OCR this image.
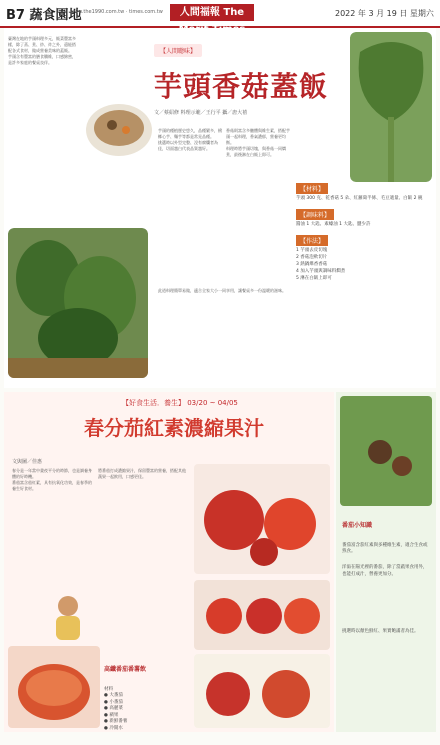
B7 蔬食園地
www.the1990.com.tw · times.com.tw	人間福報 The	2022 年 3 月 19 日 星期六
臺灣在地的芋頭料理多元，飯菜豐富多樣，除了蒸、煮、炒、炸之外，還能搭配各式食材，做成營養美味的蓋飯。
芋頭含有豐富的膳食纖維，口感綿密，是許多家庭的餐桌良伴。
【人間聰味】
芋頭香菇蓋飯
文／蔡紹修 料理示範／王行平 攝／唐大禧
芋頭的種植歷史悠久，品種繁多，檳榔心芋、麵芋等都是常見品種。
挑選時以外型完整、沒有腐爛者為佳，切面越白代表品質越好。
香菇則富含多醣體與維生素，搭配芋頭一起料理，香氣濃郁，營養更均衡。
料理時將芋頭切塊，與香菇一同燜煮，最後淋在白飯上即可。
此道料理簡單易做，適合全家大小一同享用，讓餐桌多一份溫暖的滋味。
【材料】
芋頭 300 克、乾香菇 5 朵、紅蘿蔔半條、毛豆適量、白飯 2 碗
【調味料】
醬油 1 大匙、素蠔油 1 大匙、鹽少許
【作法】
1 芋頭去皮切塊
2 香菇泡軟切片
3 熱鍋爆香香菇
4 加入芋頭與調味料燜煮
5 淋在白飯上即可
【好食生活．養生】 03/20 ~ 04/05
春分茄紅素濃縮果汁
文與圖／佳惠
春分是一年當中晝夜平分的時節，也是調養身體的好時機。
番茄富含茄紅素，具有抗氧化功效，是春季的養生好食材。
將番茄打成濃縮果汁，保留豐富的營養，搭配其他蔬果一起飲用，口感更佳。

高纖番茄番薯飲

材料
● 大番茄
● 小番茄
● 高麗菜
● 蘋果
● 新鮮番薯
● 冷開水

番茄小知識

番茄富含茄紅素與多種維生素，適合生食或熟食。

洋溢在陽光裡的番茄，除了當蔬果食用外，也能打成汁，營養更加分。

挑選時以顏色鮮紅、果實飽滿者為佳。
